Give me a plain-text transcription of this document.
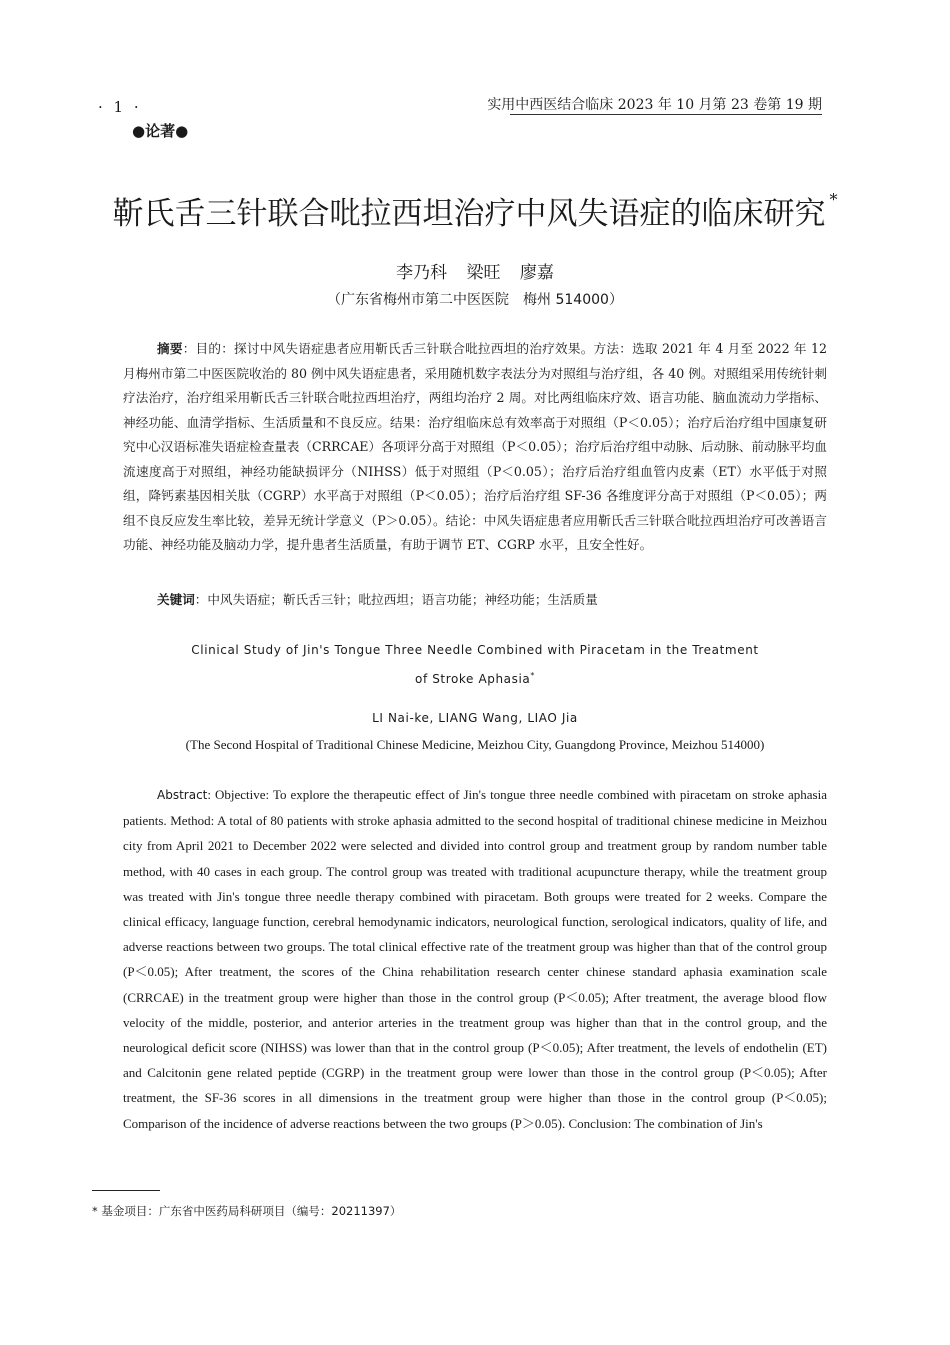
· 1 ·	实用中西医结合临床 2023 年 10 月第 23 卷第 19 期
●论著●
靳氏舌三针联合吡拉西坦治疗中风失语症的临床研究 *
李乃科 梁旺 廖嘉
（广东省梅州市第二中医医院　梅州 514000）
摘要：目的：探讨中风失语症患者应用靳氏舌三针联合吡拉西坦的治疗效果。方法：选取 2021 年 4 月至 2022 年 12 月梅州市第二中医医院收治的 80 例中风失语症患者，采用随机数字表法分为对照组与治疗组，各 40 例。对照组采用传统针刺疗法治疗，治疗组采用靳氏舌三针联合吡拉西坦治疗，两组均治疗 2 周。对比两组临床疗效、语言功能、脑血流动力学指标、神经功能、血清学指标、生活质量和不良反应。结果：治疗组临床总有效率高于对照组（P＜0.05）；治疗后治疗组中国康复研究中心汉语标准失语症检查量表（CRRCAE）各项评分高于对照组（P＜0.05）；治疗后治疗组中动脉、后动脉、前动脉平均血流速度高于对照组，神经功能缺损评分（NIHSS）低于对照组（P＜0.05）；治疗后治疗组血管内皮素（ET）水平低于对照组，降钙素基因相关肽（CGRP）水平高于对照组（P＜0.05）；治疗后治疗组 SF-36 各维度评分高于对照组（P＜0.05）；两组不良反应发生率比较，差异无统计学意义（P＞0.05）。结论：中风失语症患者应用靳氏舌三针联合吡拉西坦治疗可改善语言功能、神经功能及脑动力学，提升患者生活质量，有助于调节 ET、CGRP 水平，且安全性好。
关键词：中风失语症；靳氏舌三针；吡拉西坦；语言功能；神经功能；生活质量
Clinical Study of Jin's Tongue Three Needle Combined with Piracetam in the Treatment
of Stroke Aphasia*
LI Nai-ke, LIANG Wang, LIAO Jia
(The Second Hospital of Traditional Chinese Medicine, Meizhou City, Guangdong Province, Meizhou 514000)
Abstract: Objective: To explore the therapeutic effect of Jin's tongue three needle combined with piracetam on stroke aphasia patients. Method: A total of 80 patients with stroke aphasia admitted to the second hospital of traditional chinese medicine in Meizhou city from April 2021 to December 2022 were selected and divided into control group and treatment group by random number table method, with 40 cases in each group. The control group was treated with traditional acupuncture therapy, while the treatment group was treated with Jin's tongue three needle therapy combined with piracetam. Both groups were treated for 2 weeks. Compare the clinical efficacy, language function, cerebral hemodynamic indicators, neurological function, serological indicators, quality of life, and adverse reactions between two groups. The total clinical effective rate of the treatment group was higher than that of the control group (P＜0.05); After treatment, the scores of the China rehabilitation research center chinese standard aphasia examination scale (CRRCAE) in the treatment group were higher than those in the control group (P＜0.05); After treatment, the average blood flow velocity of the middle, posterior, and anterior arteries in the treatment group was higher than that in the control group, and the neurological deficit score (NIHSS) was lower than that in the control group (P＜0.05); After treatment, the levels of endothelin (ET) and Calcitonin gene related peptide (CGRP) in the treatment group were lower than those in the control group (P＜0.05); After treatment, the SF-36 scores in all dimensions in the treatment group were higher than those in the control group (P＜0.05); Comparison of the incidence of adverse reactions between the two groups (P＞0.05). Conclusion: The combination of Jin's
* 基金项目：广东省中医药局科研项目（编号：20211397）
